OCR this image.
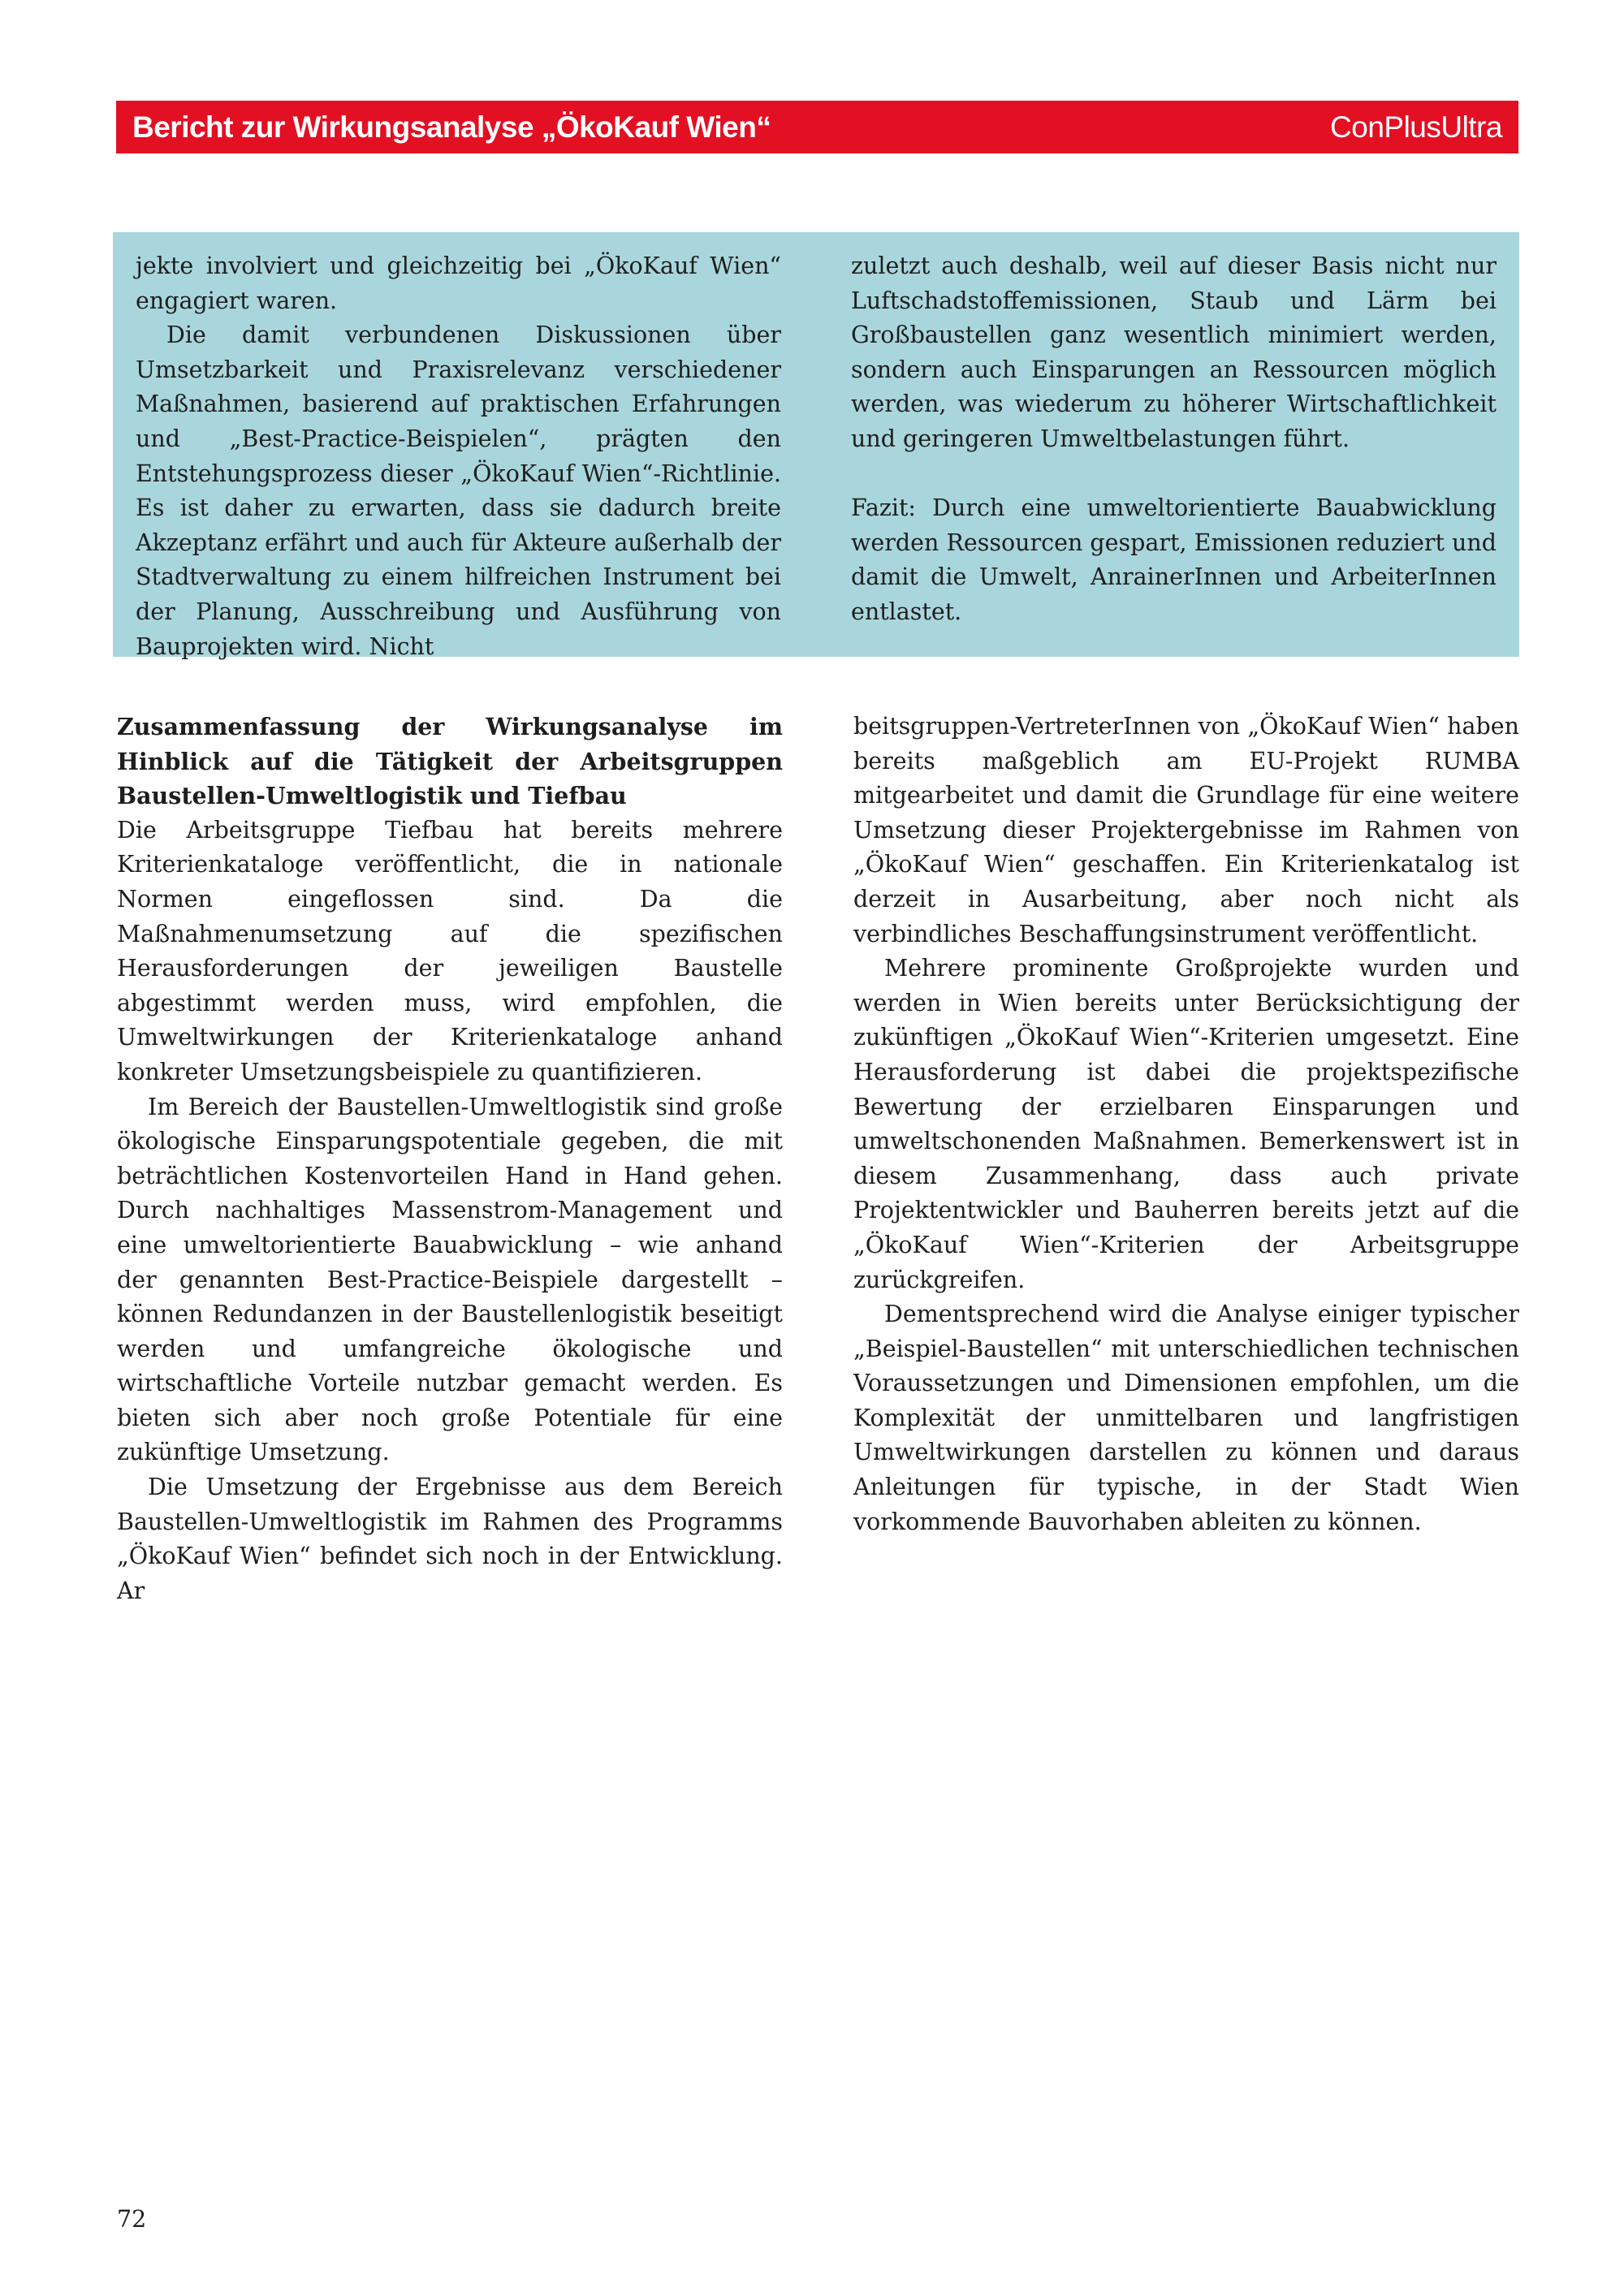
Bericht zur Wirkungsanalyse „ÖkoKauf Wien“	ConPlusUltra

jekte involviert und gleichzeitig bei „ÖkoKauf Wien“ engagiert waren.

Die damit verbundenen Diskussionen über Umsetzbarkeit und Praxisrelevanz verschiedener Maßnahmen, basierend auf praktischen Erfahrungen und „Best-Practice-Beispielen“, prägten den Entstehungsprozess dieser „ÖkoKauf Wien“-Richtlinie. Es ist daher zu erwarten, dass sie dadurch breite Akzeptanz erfährt und auch für Akteure außerhalb der Stadtverwaltung zu einem hilfreichen Instrument bei der Planung, Ausschreibung und Ausführung von Bauprojekten wird. Nicht

zuletzt auch deshalb, weil auf dieser Basis nicht nur Luftschadstoffemissionen, Staub und Lärm bei Großbaustellen ganz wesentlich minimiert werden, sondern auch Einsparungen an Ressourcen möglich werden, was wiederum zu höherer Wirtschaftlichkeit und geringeren Umweltbelastungen führt.

Fazit: Durch eine umweltorientierte Bauabwicklung werden Ressourcen gespart, Emissionen reduziert und damit die Umwelt, AnrainerInnen und ArbeiterInnen entlastet.

Zusammenfassung der Wirkungsanalyse im Hinblick auf die Tätigkeit der Arbeitsgruppen Baustellen-Umweltlogistik und Tiefbau

Die Arbeitsgruppe Tiefbau hat bereits mehrere Kriterienkataloge veröffentlicht, die in nationale Normen eingeflossen sind. Da die Maßnahmenumsetzung auf die spezifischen Herausforderungen der jeweiligen Baustelle abgestimmt werden muss, wird empfohlen, die Umweltwirkungen der Kriterienkataloge anhand konkreter Umsetzungsbeispiele zu quantifizieren.

Im Bereich der Baustellen-Umweltlogistik sind große ökologische Einsparungspotentiale gegeben, die mit beträchtlichen Kostenvorteilen Hand in Hand gehen. Durch nachhaltiges Massenstrom-Management und eine umweltorientierte Bauabwicklung – wie anhand der genannten Best-Practice-Beispiele dargestellt – können Redundanzen in der Baustellenlogistik beseitigt werden und umfangreiche ökologische und wirtschaftliche Vorteile nutzbar gemacht werden. Es bieten sich aber noch große Potentiale für eine zukünftige Umsetzung.

Die Umsetzung der Ergebnisse aus dem Bereich Baustellen-Umweltlogistik im Rahmen des Programms „ÖkoKauf Wien“ befindet sich noch in der Entwicklung. Ar

beitsgruppen-VertreterInnen von „ÖkoKauf Wien“ haben bereits maßgeblich am EU-Projekt RUMBA mitgearbeitet und damit die Grundlage für eine weitere Umsetzung dieser Projektergebnisse im Rahmen von „ÖkoKauf Wien“ geschaffen. Ein Kriterienkatalog ist derzeit in Ausarbeitung, aber noch nicht als verbindliches Beschaffungsinstrument veröffentlicht.

Mehrere prominente Großprojekte wurden und werden in Wien bereits unter Berücksichtigung der zukünftigen „ÖkoKauf Wien“-Kriterien umgesetzt. Eine Herausforderung ist dabei die projektspezifische Bewertung der erzielbaren Einsparungen und umweltschonenden Maßnahmen. Bemerkenswert ist in diesem Zusammenhang, dass auch private Projektentwickler und Bauherren bereits jetzt auf die „ÖkoKauf Wien“-Kriterien der Arbeitsgruppe zurückgreifen.

Dementsprechend wird die Analyse einiger typischer „Beispiel-Baustellen“ mit unterschiedlichen technischen Voraussetzungen und Dimensionen empfohlen, um die Komplexität der unmittelbaren und langfristigen Umweltwirkungen darstellen zu können und daraus Anleitungen für typische, in der Stadt Wien vorkommende Bauvorhaben ableiten zu können.

72
